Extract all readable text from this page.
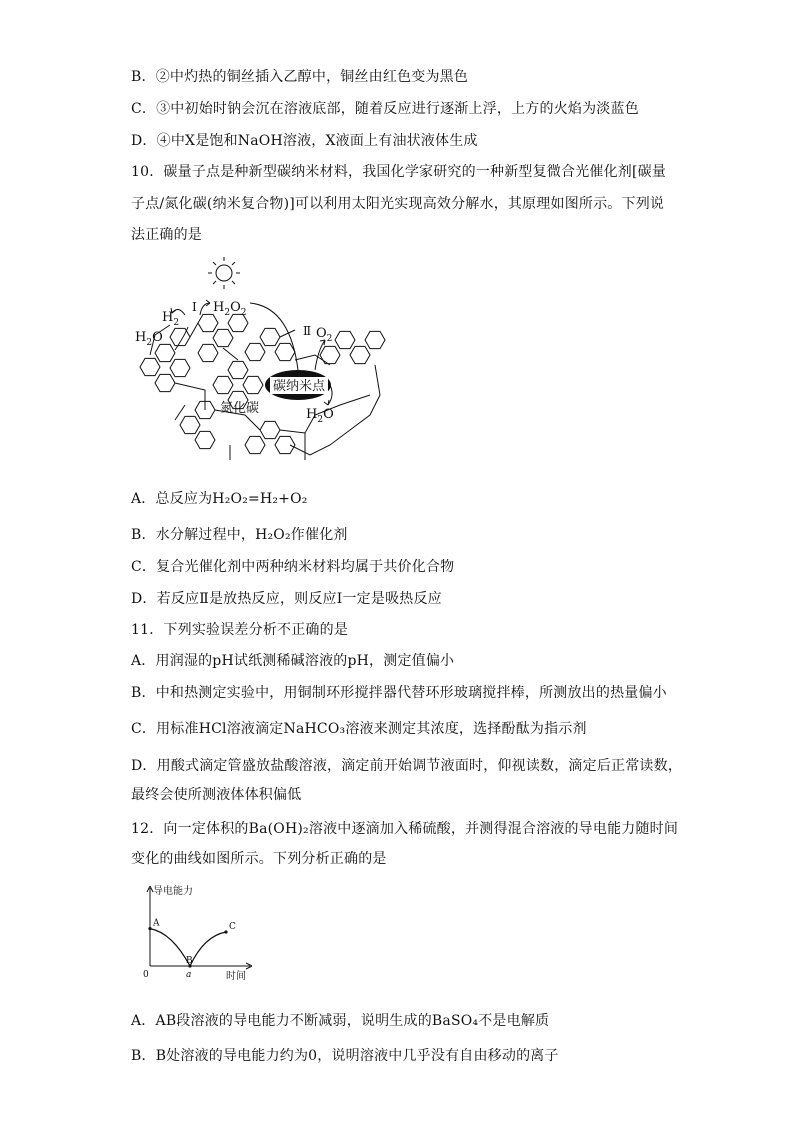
B．②中灼热的铜丝插入乙醇中，铜丝由红色变为黑色
C．③中初始时钠会沉在溶液底部，随着反应进行逐渐上浮，上方的火焰为淡蓝色
D．④中X是饱和NaOH溶液，X液面上有油状液体生成
10．碳量子点是种新型碳纳米材料，我国化学家研究的一种新型复微合光催化剂[碳量
子点/氮化碳(纳米复合物)]可以利用太阳光实现高效分解水，其原理如图所示。下列说
法正确的是
碳纳米点
氮化碳
$H_2$
I $H_2O_2$
Ⅱ $O_2$
$H_2O$
$H_2O$
A．总反应为H₂O₂=H₂+O₂
B．水分解过程中，H₂O₂作催化剂
C．复合光催化剂中两种纳米材料均属于共价化合物
D．若反应Ⅱ是放热反应，则反应Ⅰ一定是吸热反应
11．下列实验误差分析不正确的是
A．用润湿的pH试纸测稀碱溶液的pH，测定值偏小
B．中和热测定实验中，用铜制环形搅拌器代替环形玻璃搅拌棒，所测放出的热量偏小
C．用标准HCl溶液滴定NaHCO₃溶液来测定其浓度，选择酚酞为指示剂
D．用酸式滴定管盛放盐酸溶液，滴定前开始调节液面时，仰视读数，滴定后正常读数，
最终会使所测液体体积偏低
12．向一定体积的Ba(OH)₂溶液中逐滴加入稀硫酸，并测得混合溶液的导电能力随时间
变化的曲线如图所示。下列分析正确的是
导电能力
时间
0	a
A
B
C
A．AB段溶液的导电能力不断减弱，说明生成的BaSO₄不是电解质
B．B处溶液的导电能力约为0，说明溶液中几乎没有自由移动的离子
